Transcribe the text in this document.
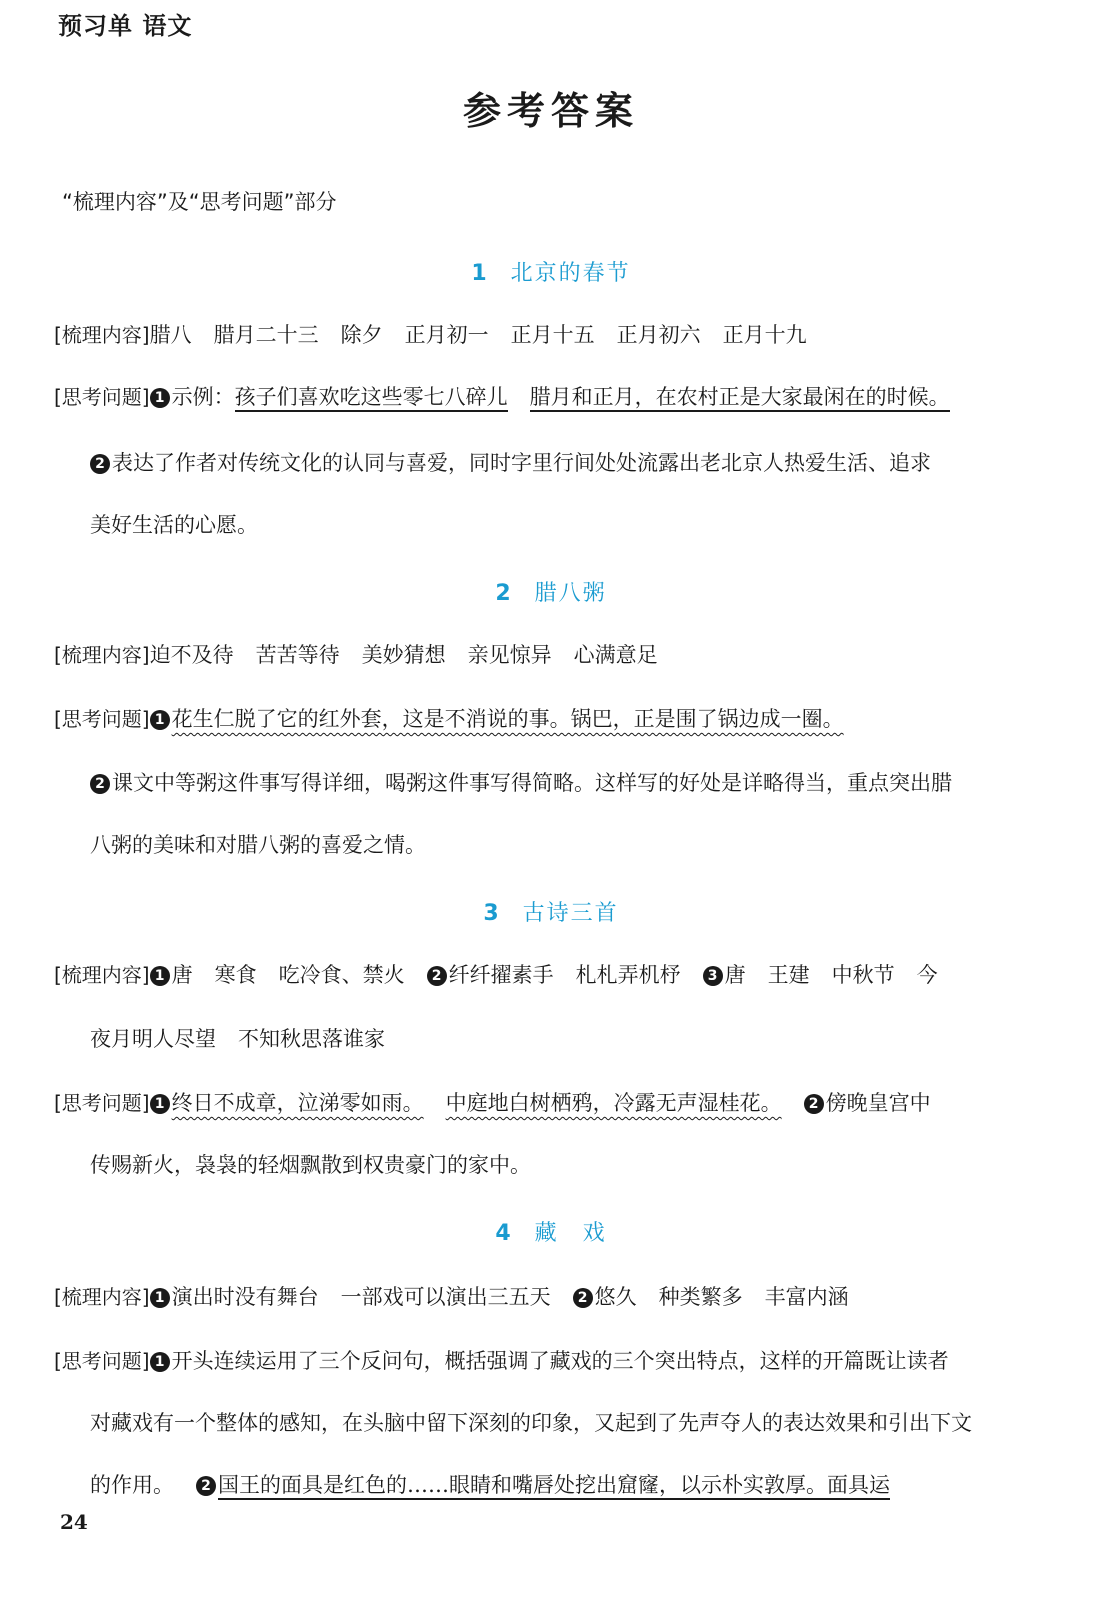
预习单 语文
参考答案
“梳理内容”及“思考问题”部分
1 北京的春节
[梳理内容]腊八 腊月二十三 除夕 正月初一 正月十五 正月初六 正月十九
[思考问题] 1 示例：孩子们喜欢吃这些零七八碎儿 腊月和正月，在农村正是大家最闲在的时候。
2 表达了作者对传统文化的认同与喜爱，同时字里行间处处流露出老北京人热爱生活、追求
美好生活的心愿。
2 腊八粥
[梳理内容]迫不及待 苦苦等待 美妙猜想 亲见惊异 心满意足
[思考问题] 1 花生仁脱了它的红外套，这是不消说的事。锅巴，正是围了锅边成一圈。
2 课文中等粥这件事写得详细，喝粥这件事写得简略。这样写的好处是详略得当，重点突出腊
八粥的美味和对腊八粥的喜爱之情。
3 古诗三首
[梳理内容] 1 唐 寒食 吃冷食、禁火 2 纤纤擢素手 札札弄机杼 3 唐 王建 中秋节 今
夜月明人尽望 不知秋思落谁家
[思考问题] 1 终日不成章，泣涕零如雨。 中庭地白树栖鸦，冷露无声湿桂花。 2 傍晚皇宫中
传赐新火，袅袅的轻烟飘散到权贵豪门的家中。
4 藏　戏
[梳理内容] 1 演出时没有舞台 一部戏可以演出三五天 2 悠久 种类繁多 丰富内涵
[思考问题] 1 开头连续运用了三个反问句，概括强调了藏戏的三个突出特点，这样的开篇既让读者
对藏戏有一个整体的感知，在头脑中留下深刻的印象，又起到了先声夺人的表达效果和引出下文
的作用。 2 国王的面具是红色的……眼睛和嘴唇处挖出窟窿，以示朴实敦厚。面具运
24
